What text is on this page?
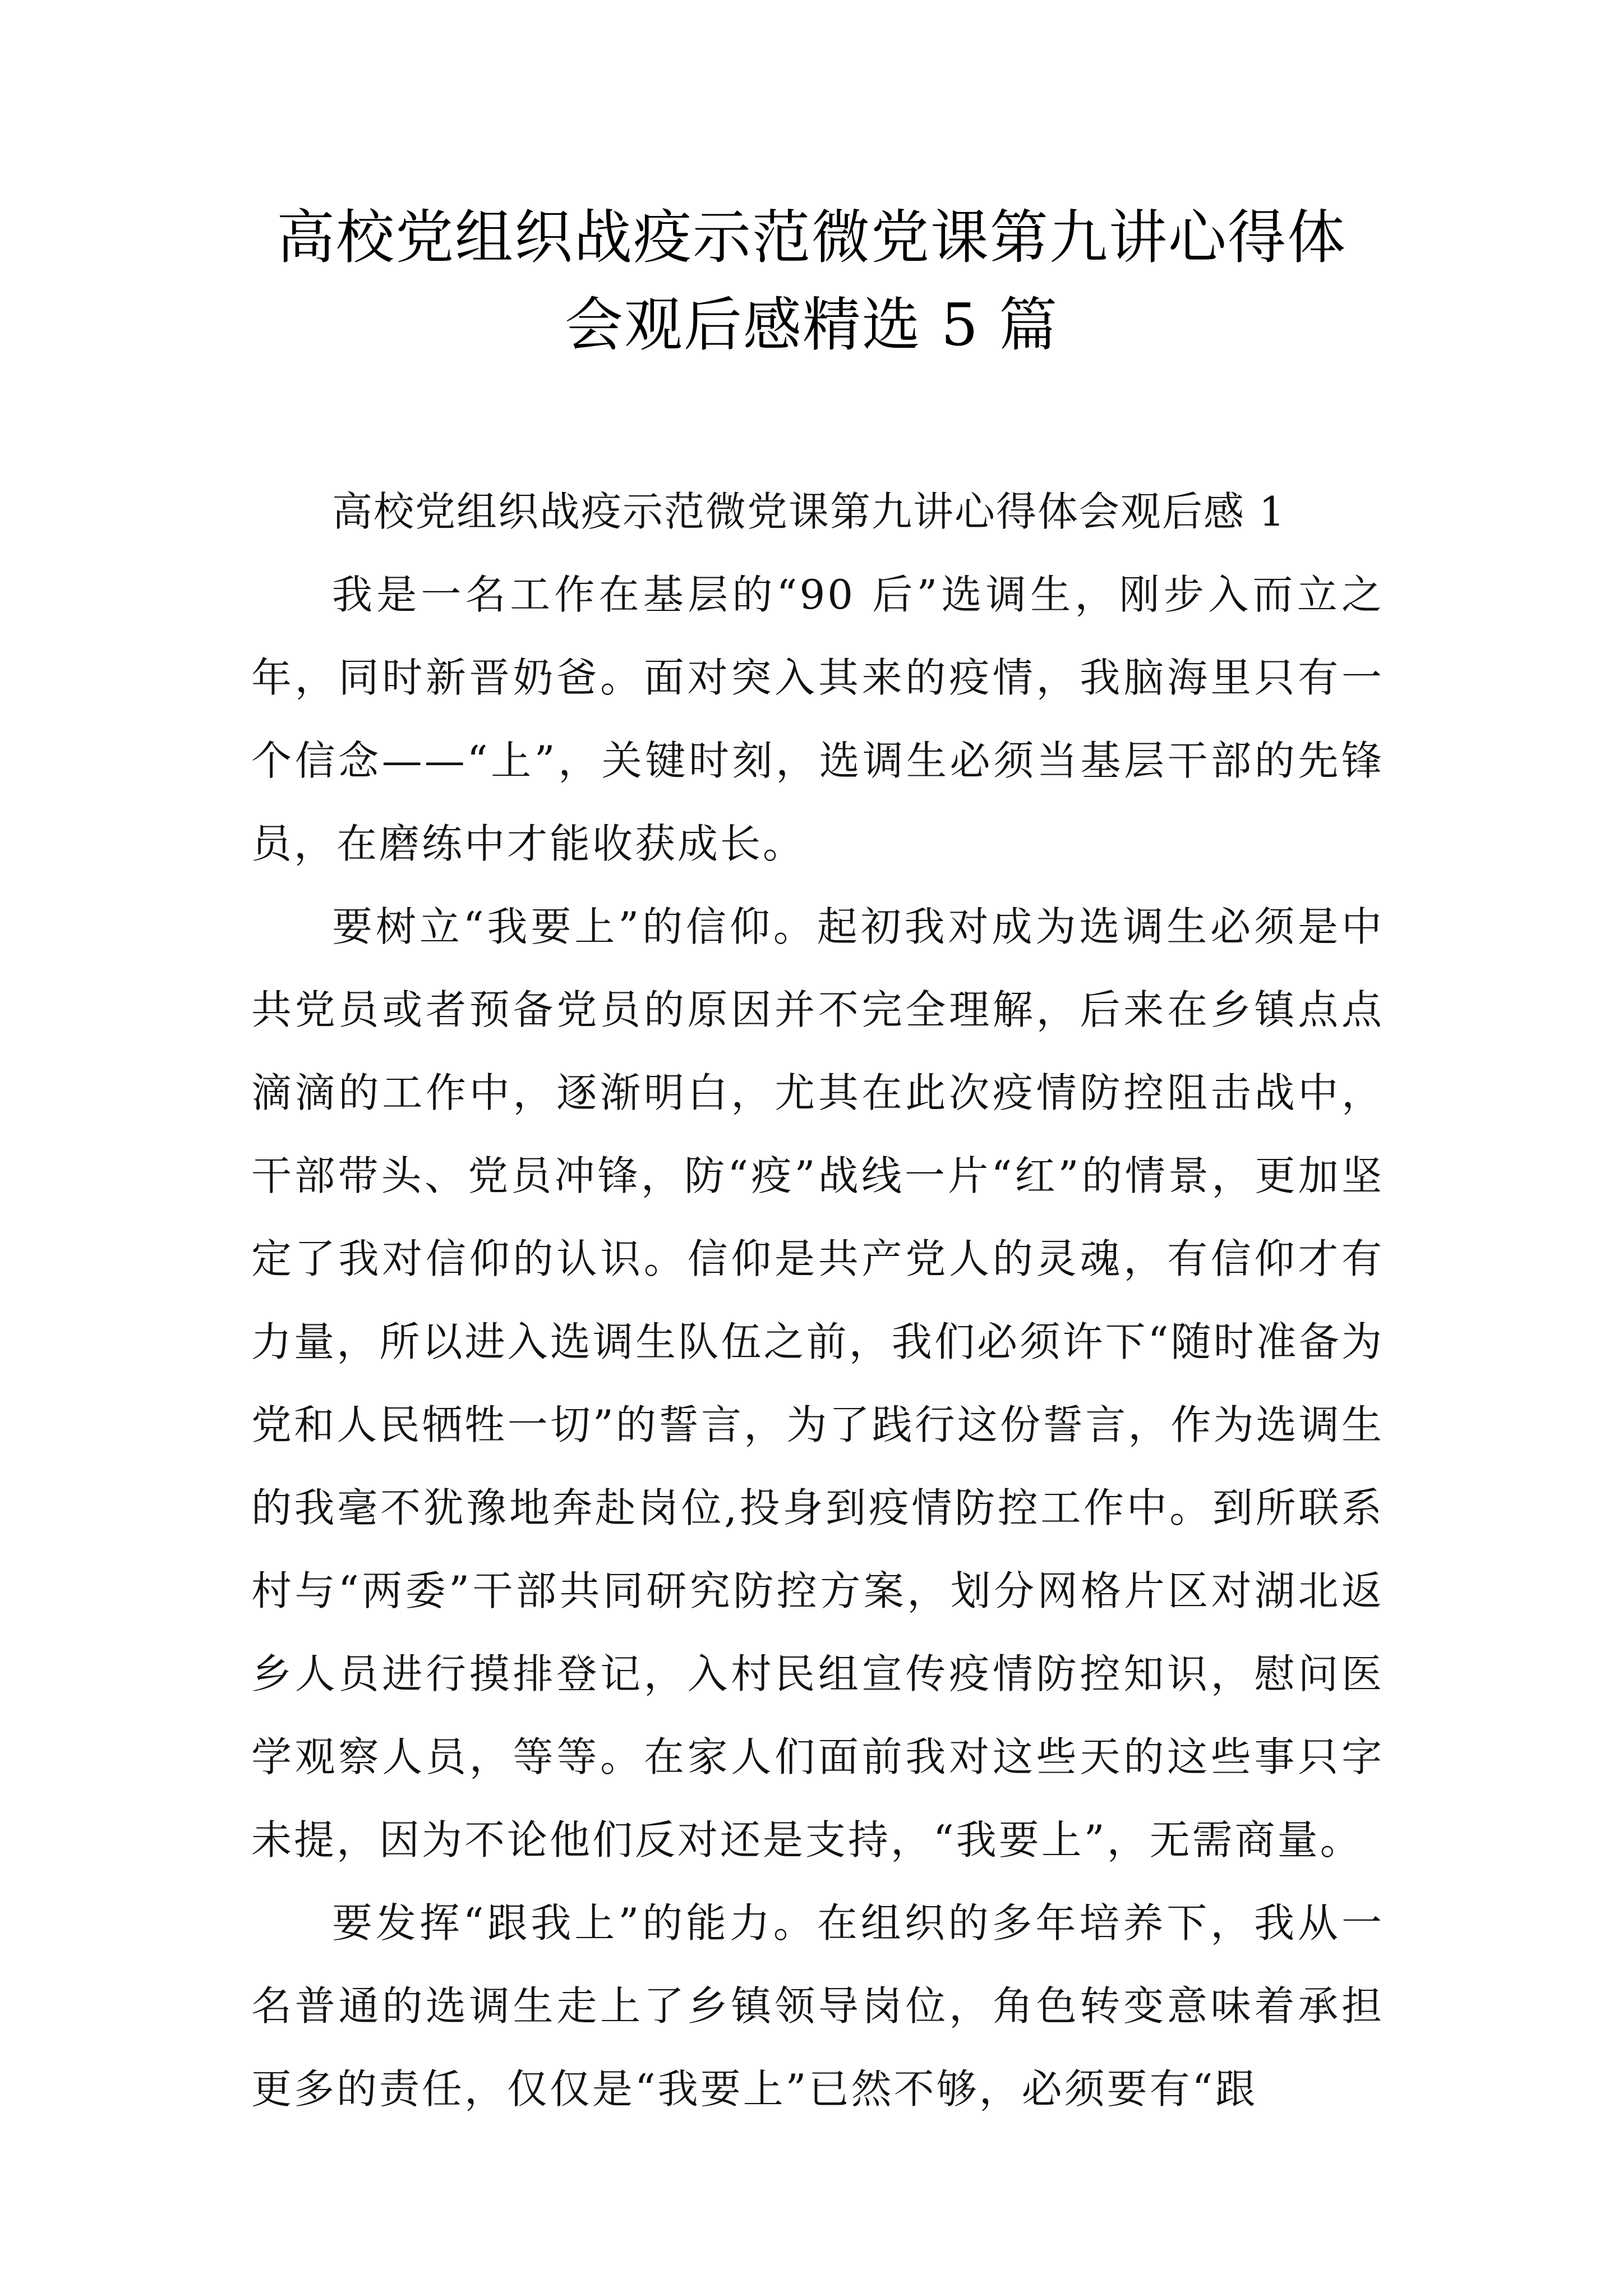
高校党组织战疫示范微党课第九讲心得体
会观后感精选 5 篇

高校党组织战疫示范微党课第九讲心得体会观后感 1

我是一名工作在基层的“90 后”选调生，刚步入而立之年，同时新晋奶爸。面对突入其来的疫情，我脑海里只有一个信念——“上”，关键时刻，选调生必须当基层干部的先锋员，在磨练中才能收获成长。

要树立“我要上”的信仰。起初我对成为选调生必须是中共党员或者预备党员的原因并不完全理解，后来在乡镇点点滴滴的工作中，逐渐明白，尤其在此次疫情防控阻击战中，干部带头、党员冲锋，防“疫”战线一片“红”的情景，更加坚定了我对信仰的认识。信仰是共产党人的灵魂，有信仰才有力量，所以进入选调生队伍之前，我们必须许下“随时准备为党和人民牺牲一切”的誓言，为了践行这份誓言，作为选调生的我毫不犹豫地奔赴岗位,投身到疫情防控工作中。到所联系村与“两委”干部共同研究防控方案，划分网格片区对湖北返乡人员进行摸排登记，入村民组宣传疫情防控知识，慰问医学观察人员，等等。在家人们面前我对这些天的这些事只字未提，因为不论他们反对还是支持，“我要上”，无需商量。

要发挥“跟我上”的能力。在组织的多年培养下，我从一名普通的选调生走上了乡镇领导岗位，角色转变意味着承担更多的责任，仅仅是“我要上”已然不够，必须要有“跟
